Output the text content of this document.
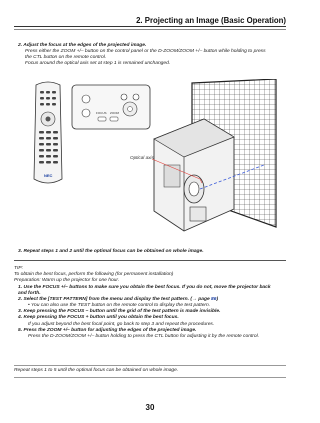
2. Projecting an Image (Basic Operation)
2. Adjust the focus at the edges of the projected image.
Press either the ZOOM +/– button on the control panel or the D-ZOOM/ZOOM +/– button while holding to press
the CTL button on the remote control.
Focus around the optical axis set at step 1 is remained unchanged.
NEC
FOCUS ZOOM
Optical axis
3. Repeat steps 1 and 2 until the optimal focus can be obtained on whole image.
TIP:
To obtain the best focus, perform the following (for permanent installation)
Preparation: Warm up the projector for one hour.
1. Use the FOCUS +/– buttons to make sure you obtain the best focus. If you do not, move the projector back
and forth.
2. Select the [TEST PATTERN] from the menu and display the test pattern. (→ page 86)
• You can also use the TEST button on the remote control to display the test pattern.
3. Keep pressing the FOCUS – button until the grid of the test pattern is made invisible.
4. Keep pressing the FOCUS + button until you obtain the best focus.
If you adjust beyond the best focal point, go back to step 3 and repeat the procedures.
5. Press the ZOOM +/– button for adjusting the edges of the projected image.
Press the D-ZOOM/ZOOM +/– button holding to press the CTL button for adjusting it by the remote control.
Repeat steps 1 to 5 until the optimal focus can be obtained on whole image.
30
